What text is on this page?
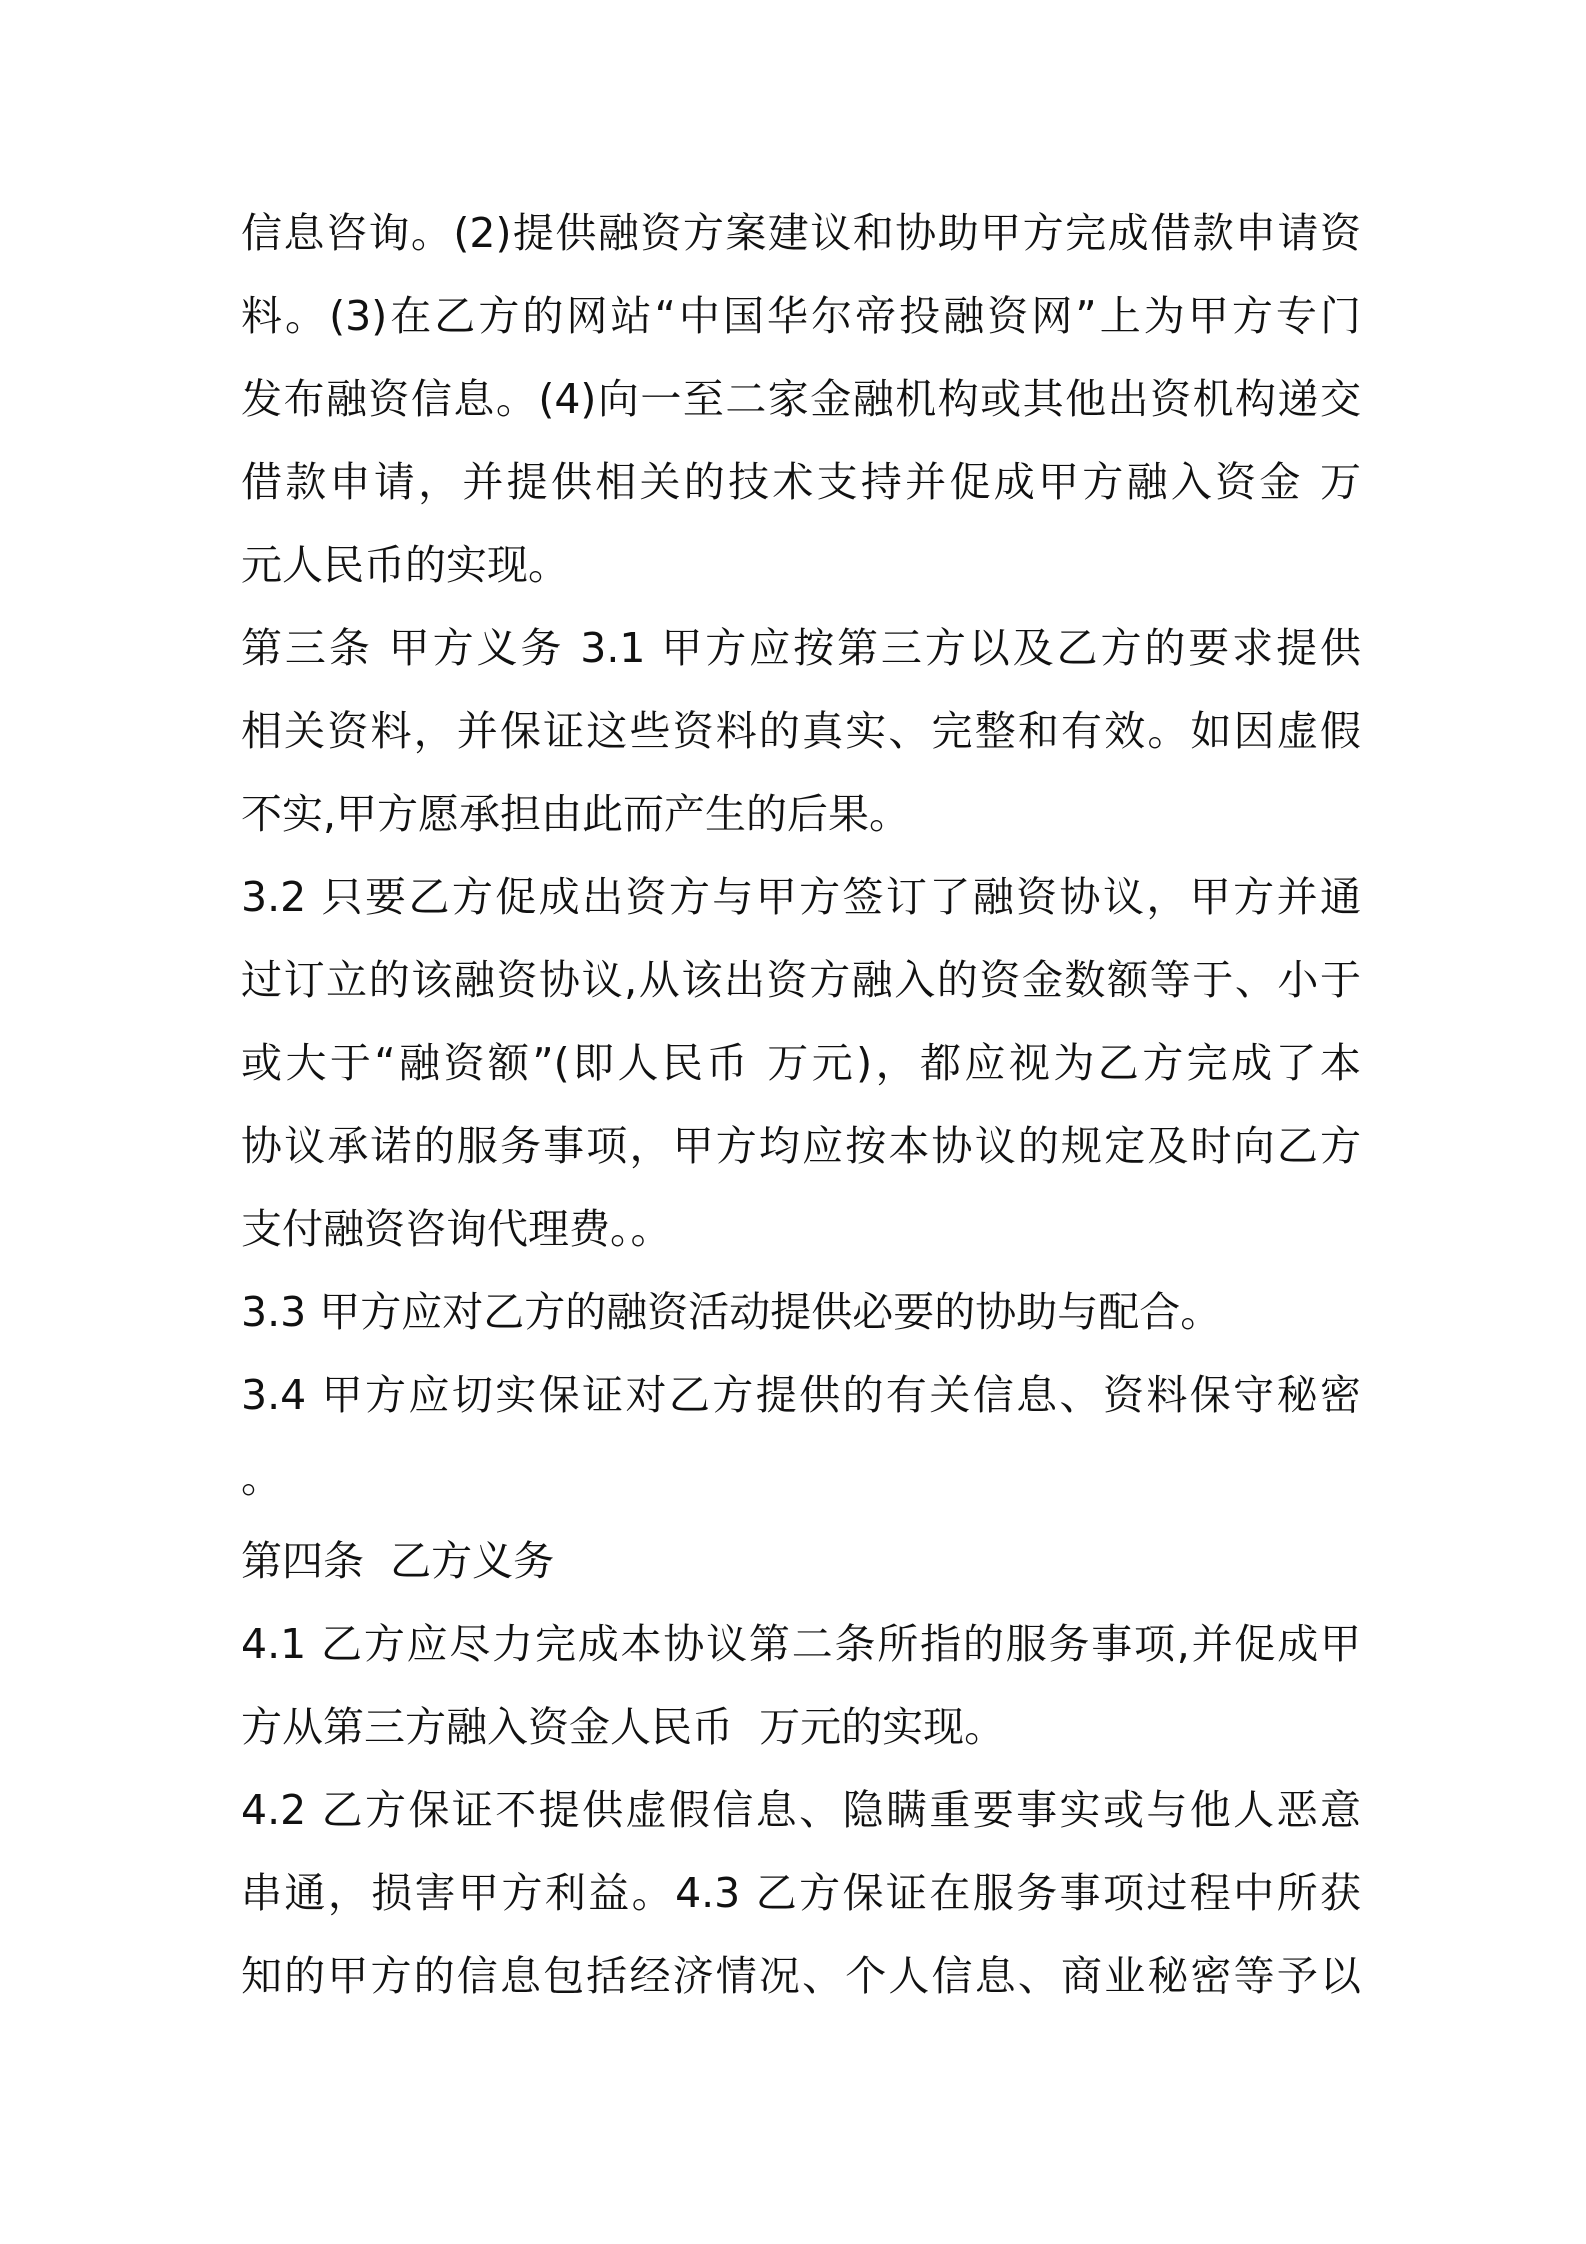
信息咨询。(2)提供融资方案建议和协助甲方完成借款申请资
料。(3)在乙方的网站“中国华尔帝投融资网”上为甲方专门
发布融资信息。(4)向一至二家金融机构或其他出资机构递交
借款申请，并提供相关的技术支持并促成甲方融入资金 万
元人民币的实现。
第三条 甲方义务 3.1 甲方应按第三方以及乙方的要求提供
相关资料，并保证这些资料的真实、完整和有效。如因虚假
不实,甲方愿承担由此而产生的后果。
3.2 只要乙方促成出资方与甲方签订了融资协议，甲方并通
过订立的该融资协议,从该出资方融入的资金数额等于、小于
或大于“融资额”(即人民币 万元)，都应视为乙方完成了本
协议承诺的服务事项，甲方均应按本协议的规定及时向乙方
支付融资咨询代理费。。
3.3 甲方应对乙方的融资活动提供必要的协助与配合。
3.4 甲方应切实保证对乙方提供的有关信息、资料保守秘密
。
第四条  乙方义务
4.1 乙方应尽力完成本协议第二条所指的服务事项,并促成甲
方从第三方融入资金人民币  万元的实现。
4.2 乙方保证不提供虚假信息、隐瞒重要事实或与他人恶意
串通，损害甲方利益。4.3 乙方保证在服务事项过程中所获
知的甲方的信息包括经济情况、个人信息、商业秘密等予以
